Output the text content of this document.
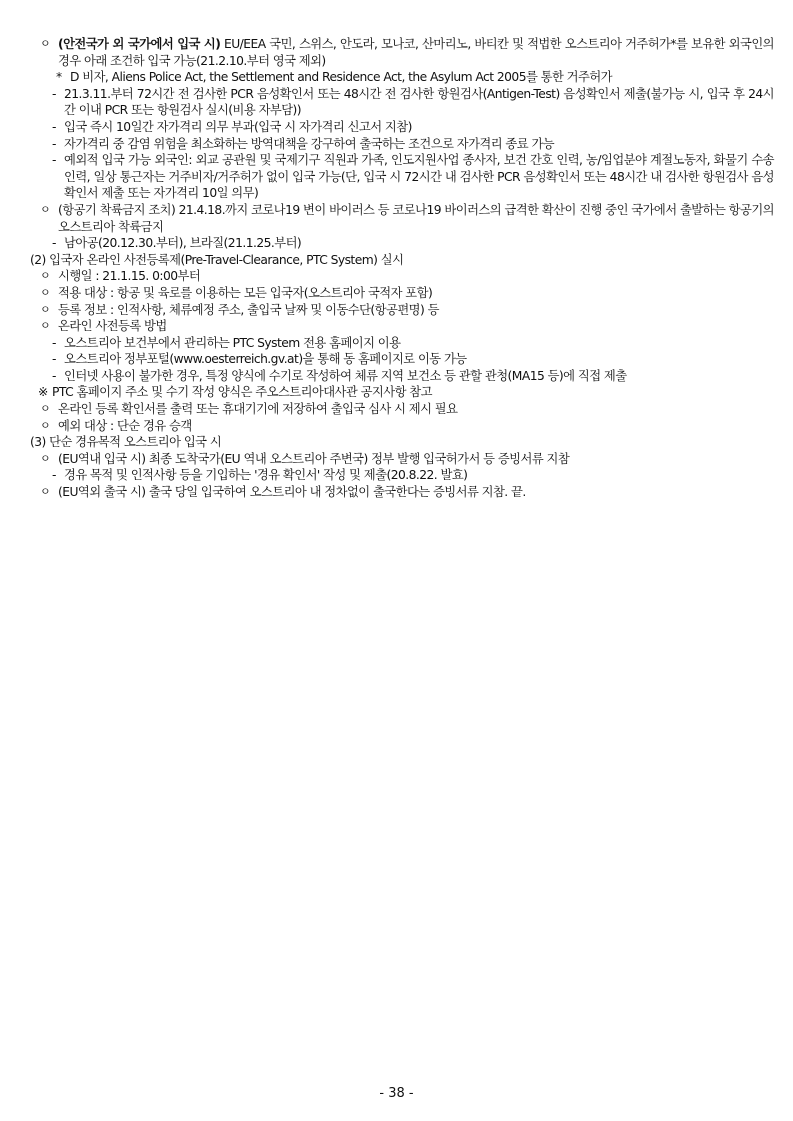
ㅇ (안전국가 외 국가에서 입국 시) EU/EEA 국민, 스위스, 안도라, 모나코, 산마리노, 바티칸 및 적법한 오스트리아 거주허가*를 보유한 외국인의 경우 아래 조건하 입국 가능(21.2.10.부터 영국 제외)
* D 비자, Aliens Police Act, the Settlement and Residence Act, the Asylum Act 2005를 통한 거주허가
- 21.3.11.부터 72시간 전 검사한 PCR 음성확인서 또는 48시간 전 검사한 항원검사(Antigen-Test) 음성확인서 제출(불가능 시, 입국 후 24시간 이내 PCR 또는 항원검사 실시(비용 자부담))
- 입국 즉시 10일간 자가격리 의무 부과(입국 시 자가격리 신고서 지참)
- 자가격리 중 감염 위험을 최소화하는 방역대책을 강구하여 출국하는 조건으로 자가격리 종료 가능
- 예외적 입국 가능 외국인: 외교 공관원 및 국제기구 직원과 가족, 인도지원사업 종사자, 보건 간호 인력, 농/임업분야 계절노동자, 화물기 수송인력, 일상 통근자는 거주비자/거주허가 없이 입국 가능(단, 입국 시 72시간 내 검사한 PCR 음성확인서 또는 48시간 내 검사한 항원검사 음성확인서 제출 또는 자가격리 10일 의무)
ㅇ (항공기 착륙금지 조치) 21.4.18.까지 코로나19 변이 바이러스 등 코로나19 바이러스의 급격한 확산이 진행 중인 국가에서 출발하는 항공기의 오스트리아 착륙금지
- 남아공(20.12.30.부터), 브라질(21.1.25.부터)
(2) 입국자 온라인 사전등록제(Pre-Travel-Clearance, PTC System) 실시
ㅇ 시행일 : 21.1.15. 0:00부터
ㅇ 적용 대상 : 항공 및 육로를 이용하는 모든 입국자(오스트리아 국적자 포함)
ㅇ 등록 정보 : 인적사항, 체류예정 주소, 출입국 날짜 및 이동수단(항공편명) 등
ㅇ 온라인 사전등록 방법
- 오스트리아 보건부에서 관리하는 PTC System 전용 홈페이지 이용
- 오스트리아 정부포털(www.oesterreich.gv.at)을 통해 동 홈페이지로 이동 가능
- 인터넷 사용이 불가한 경우, 특정 양식에 수기로 작성하여 체류 지역 보건소 등 관할 관청(MA15 등)에 직접 제출
※ PTC 홈페이지 주소 및 수기 작성 양식은 주오스트리아대사관 공지사항 참고
ㅇ 온라인 등록 확인서를 출력 또는 휴대기기에 저장하여 출입국 심사 시 제시 필요
ㅇ 예외 대상 : 단순 경유 승객
(3) 단순 경유목적 오스트리아 입국 시
ㅇ (EU역내 입국 시) 최종 도착국가(EU 역내 오스트리아 주변국) 정부 발행 입국허가서 등 증빙서류 지참
- 경유 목적 및 인적사항 등을 기입하는 '경유 확인서' 작성 및 제출(20.8.22. 발효)
ㅇ (EU역외 출국 시) 출국 당일 입국하여 오스트리아 내 정차없이 출국한다는 증빙서류 지참. 끝.
- 38 -
